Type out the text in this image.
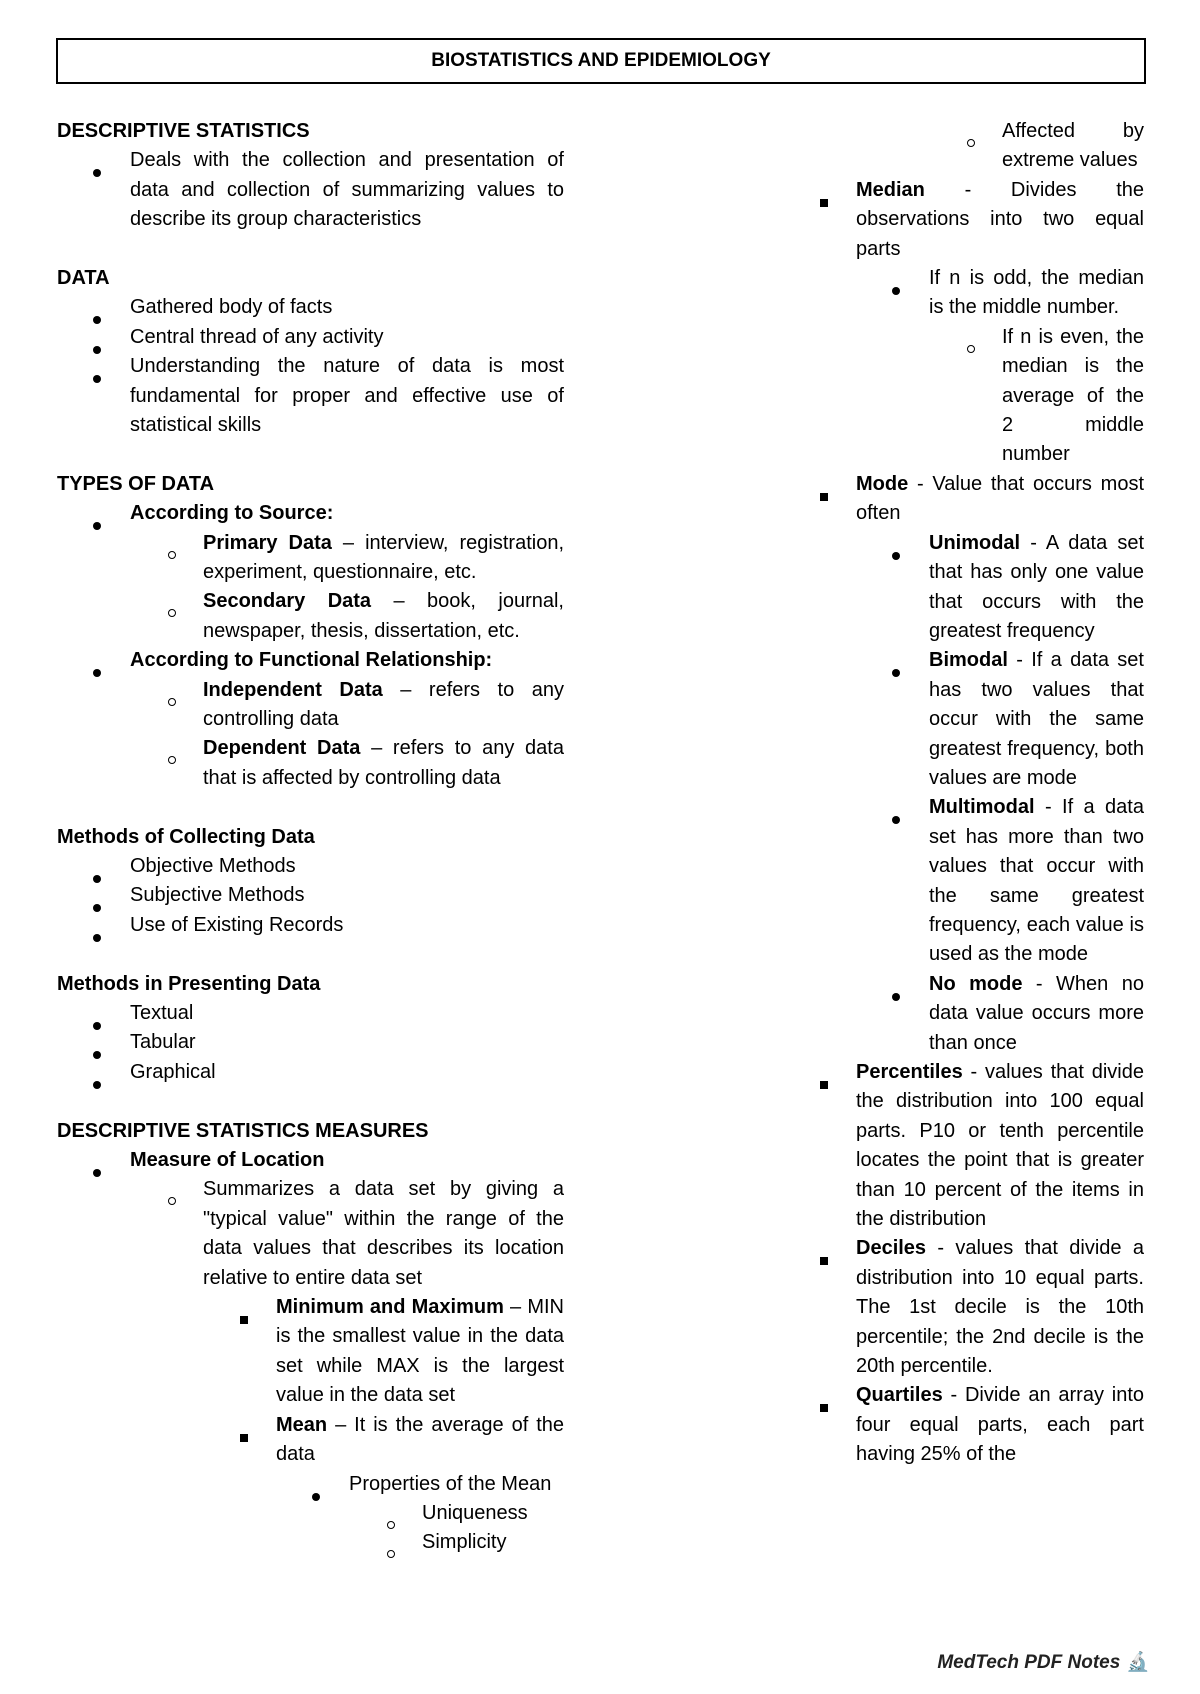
BIOSTATISTICS AND EPIDEMIOLOGY
DESCRIPTIVE STATISTICS
Deals with the collection and presentation of data and collection of summarizing values to describe its group characteristics
DATA
Gathered body of facts
Central thread of any activity
Understanding the nature of data is most fundamental for proper and effective use of statistical skills
TYPES OF DATA
According to Source:
Primary Data – interview, registration, experiment, questionnaire, etc.
Secondary Data – book, journal, newspaper, thesis, dissertation, etc.
According to Functional Relationship:
Independent Data – refers to any controlling data
Dependent Data – refers to any data that is affected by controlling data
Methods of Collecting Data
Objective Methods
Subjective Methods
Use of Existing Records
Methods in Presenting Data
Textual
Tabular
Graphical
DESCRIPTIVE STATISTICS MEASURES
Measure of Location
Summarizes a data set by giving a "typical value" within the range of the data values that describes its location relative to entire data set
Minimum and Maximum – MIN is the smallest value in the data set while MAX is the largest value in the data set
Mean – It is the average of the data
Properties of the Mean
Uniqueness
Simplicity
Affected by extreme values
Median - Divides the observations into two equal parts
If n is odd, the median is the middle number.
If n is even, the median is the average of the 2 middle number
Mode - Value that occurs most often
Unimodal - A data set that has only one value that occurs with the greatest frequency
Bimodal - If a data set has two values that occur with the same greatest frequency, both values are mode
Multimodal - If a data set has more than two values that occur with the same greatest frequency, each value is used as the mode
No mode - When no data value occurs more than once
Percentiles - values that divide the distribution into 100 equal parts. P10 or tenth percentile locates the point that is greater than 10 percent of the items in the distribution
Deciles - values that divide a distribution into 10 equal parts. The 1st decile is the 10th percentile; the 2nd decile is the 20th percentile.
Quartiles - Divide an array into four equal parts, each part having 25% of the
MedTech PDF Notes 🔬
